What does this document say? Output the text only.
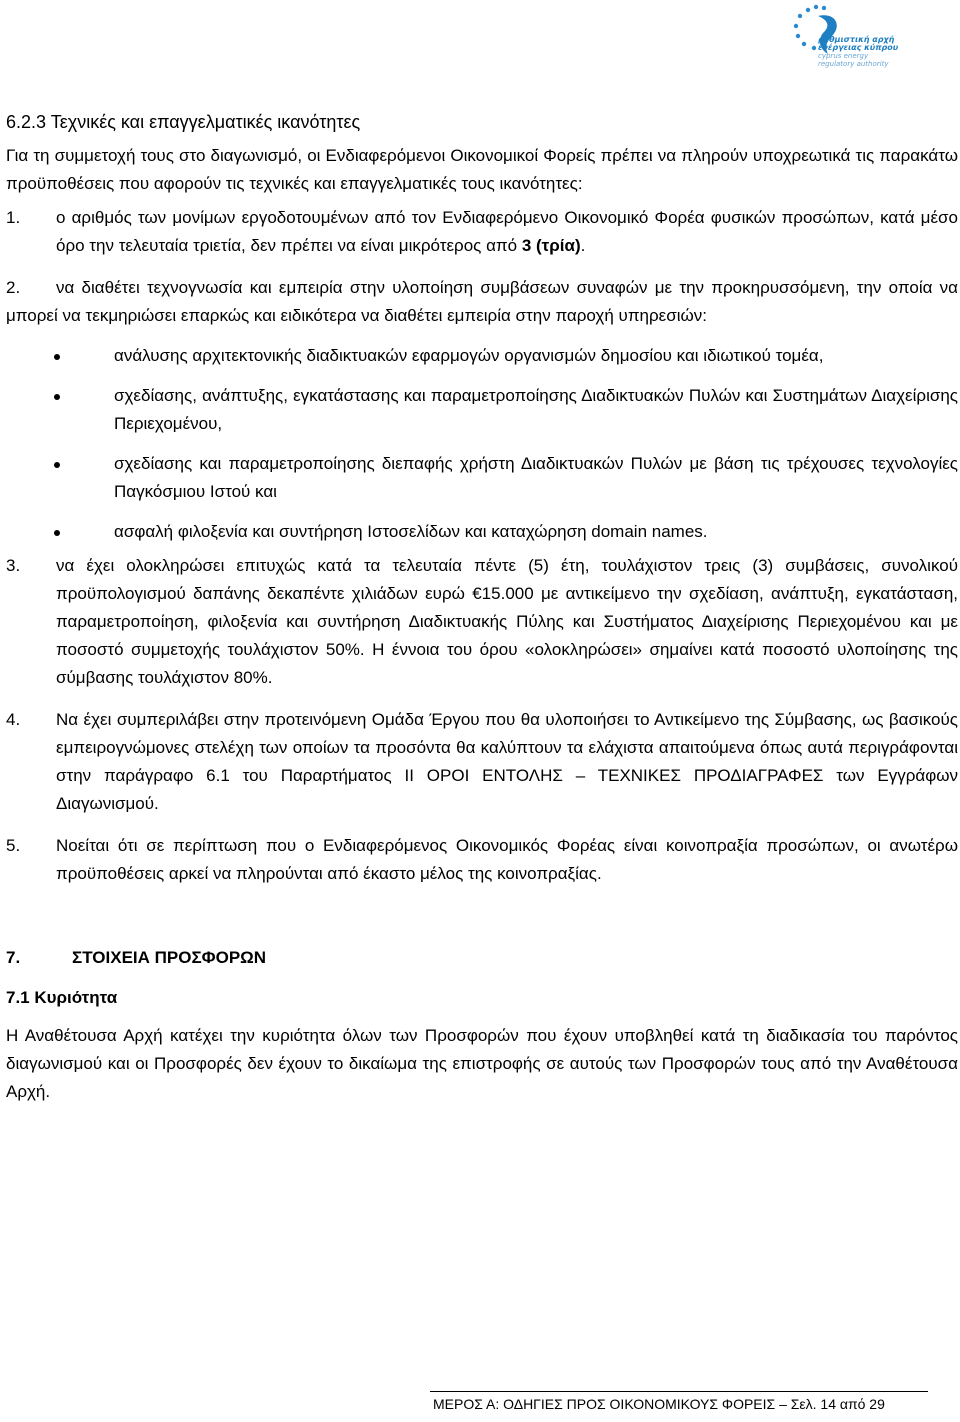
ρυθμιστική αρχή
ενέργειας κύπρου
cyprus energy
regulatory authority
6.2.3 Τεχνικές και επαγγελματικές ικανότητες

Για τη συμμετοχή τους στο διαγωνισμό, οι Ενδιαφερόμενοι Οικονομικοί Φορείς πρέπει να πληρούν υποχρεωτικά τις παρακάτω προϋποθέσεις που αφορούν τις τεχνικές και επαγγελματικές τους ικανότητες:

1.	ο αριθμός των μονίμων εργοδοτουμένων από τον Ενδιαφερόμενο Οικονομικό Φορέα φυσικών προσώπων, κατά μέσο όρο την τελευταία τριετία, δεν πρέπει να είναι μικρότερος από 3 (τρία).
2.	να διαθέτει τεχνογνωσία και εμπειρία στην υλοποίηση συμβάσεων συναφών με την προκηρυσσόμενη, την οποία να μπορεί να τεκμηριώσει επαρκώς και ειδικότερα να διαθέτει εμπειρία στην παροχή υπηρεσιών:
ανάλυσης αρχιτεκτονικής διαδικτυακών εφαρμογών οργανισμών δημοσίου και ιδιωτικού τομέα,
σχεδίασης, ανάπτυξης, εγκατάστασης και παραμετροποίησης Διαδικτυακών Πυλών και Συστημάτων Διαχείρισης Περιεχομένου,
σχεδίασης και παραμετροποίησης διεπαφής χρήστη Διαδικτυακών Πυλών με βάση τις τρέχουσες τεχνολογίες Παγκόσμιου Ιστού και
ασφαλή φιλοξενία και συντήρηση Ιστοσελίδων και καταχώρηση domain names.
3.	να έχει ολοκληρώσει επιτυχώς κατά τα τελευταία πέντε (5) έτη, τουλάχιστον τρεις (3) συμβάσεις, συνολικού προϋπολογισμού δαπάνης δεκαπέντε χιλιάδων ευρώ €15.000 με αντικείμενο την σχεδίαση, ανάπτυξη, εγκατάσταση, παραμετροποίηση, φιλοξενία και συντήρηση Διαδικτυακής Πύλης και Συστήματος Διαχείρισης Περιεχομένου και με ποσοστό συμμετοχής τουλάχιστον 50%. Η έννοια του όρου «ολοκληρώσει» σημαίνει κατά ποσοστό υλοποίησης της σύμβασης τουλάχιστον 80%.
4.	Να έχει συμπεριλάβει στην προτεινόμενη Ομάδα Έργου που θα υλοποιήσει το Αντικείμενο της Σύμβασης, ως βασικούς εμπειρογνώμονες στελέχη των οποίων τα προσόντα θα καλύπτουν τα ελάχιστα απαιτούμενα όπως αυτά περιγράφονται στην παράγραφο 6.1 του Παραρτήματος ΙΙ ΟΡΟΙ ΕΝΤΟΛΗΣ – ΤΕΧΝΙΚΕΣ ΠΡΟΔΙΑΓΡΑΦΕΣ των Εγγράφων Διαγωνισμού.
5.	Νοείται ότι σε περίπτωση που ο Ενδιαφερόμενος Οικονομικός Φορέας είναι κοινοπραξία προσώπων, οι ανωτέρω προϋποθέσεις αρκεί να πληρούνται από έκαστο μέλος της κοινοπραξίας.
7.	ΣΤΟΙΧΕΙΑ ΠΡΟΣΦΟΡΩΝ
7.1 Κυριότητα

Η Αναθέτουσα Αρχή κατέχει την κυριότητα όλων των Προσφορών που έχουν υποβληθεί κατά τη διαδικασία του παρόντος διαγωνισμού και οι Προσφορές δεν έχουν το δικαίωμα της επιστροφής σε αυτούς των Προσφορών τους από την Αναθέτουσα Αρχή.

ΜΕΡΟΣ Α: ΟΔΗΓΙΕΣ ΠΡΟΣ ΟΙΚΟΝΟΜΙΚΟΥΣ ΦΟΡΕΙΣ – Σελ. 14 από 29
